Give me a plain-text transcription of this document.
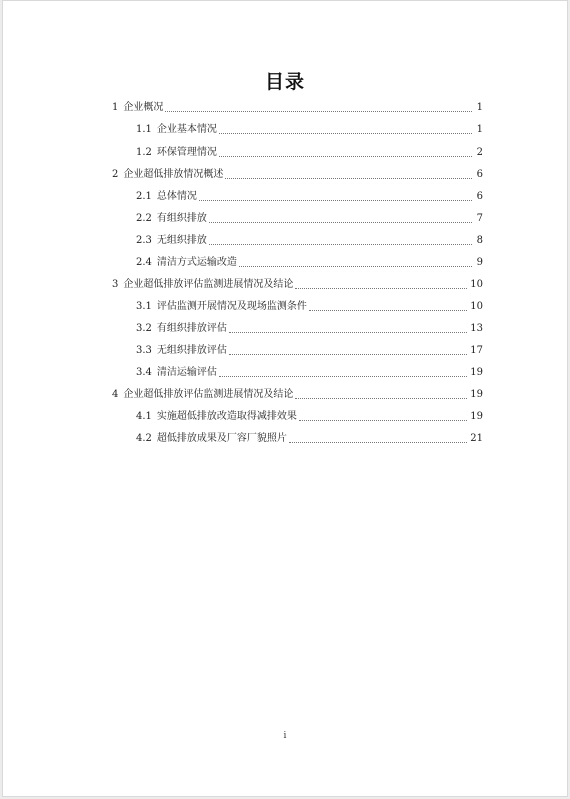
目录
1 企业概况	1
1.1 企业基本情况	1
1.2 环保管理情况	2
2 企业超低排放情况概述	6
2.1 总体情况	6
2.2 有组织排放	7
2.3 无组织排放	8
2.4 清洁方式运输改造	9
3 企业超低排放评估监测进展情况及结论	10
3.1 评估监测开展情况及现场监测条件	10
3.2 有组织排放评估	13
3.3 无组织排放评估	17
3.4 清洁运输评估	19
4 企业超低排放评估监测进展情况及结论	19
4.1 实施超低排放改造取得减排效果	19
4.2 超低排放成果及厂容厂貌照片	21
i
